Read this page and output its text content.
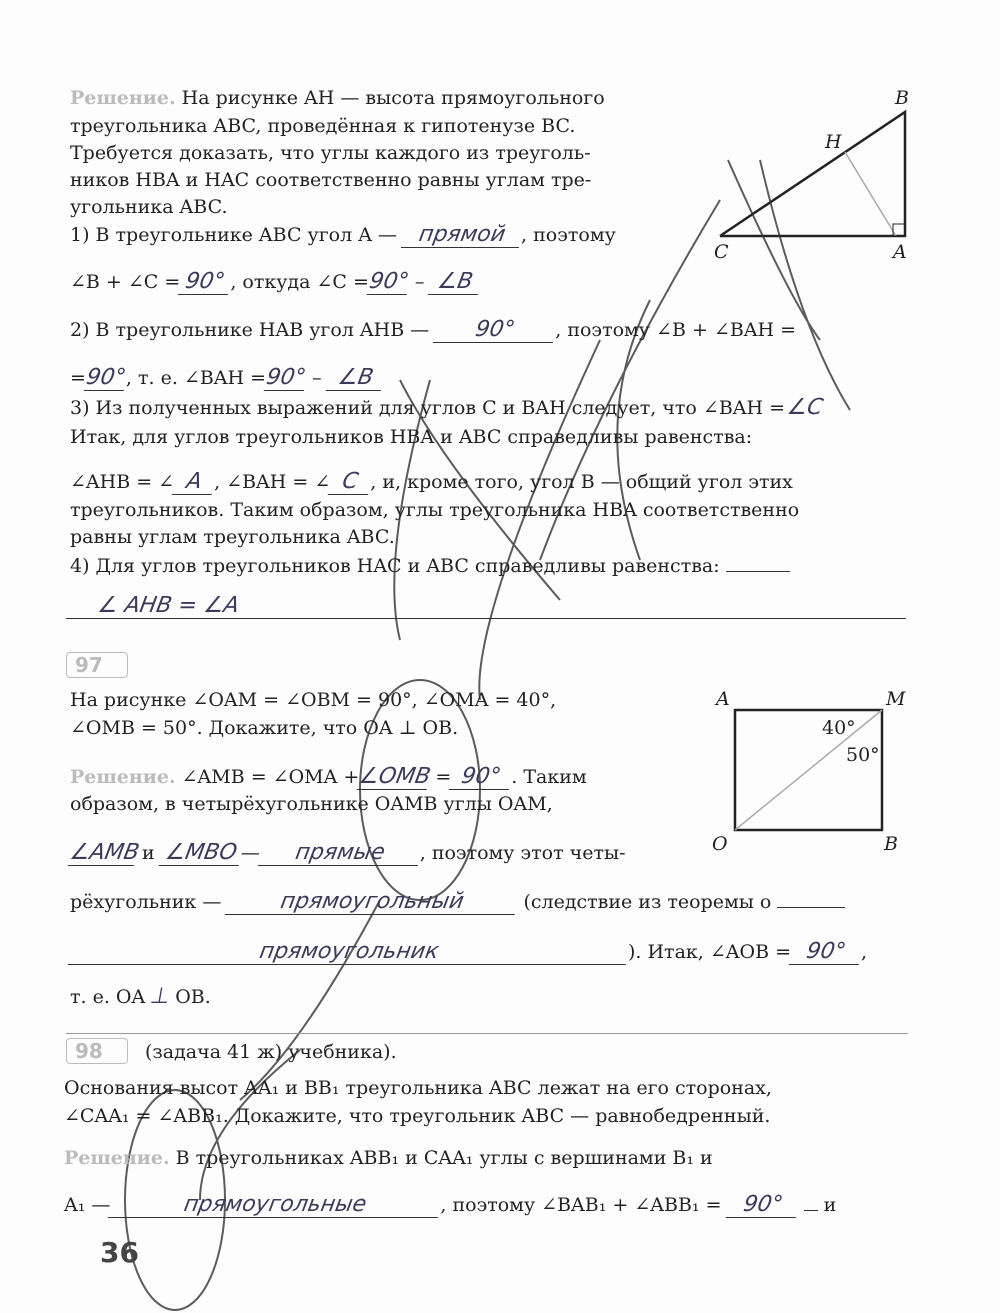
B
H
C	A
A	M
O	B
40°
50°
Решение. На рисунке AH — высота прямоугольного
треугольника ABC, проведённая к гипотенузе BC.
Требуется доказать, что углы каждого из треуголь-
ников HBA и HAC соответственно равны углам тре-
угольника ABC.
1) В треугольнике ABC угол A — прямой , поэтому
∠B + ∠C = 90° , откуда ∠C =90° – ∠B
2) В треугольнике HAB угол AHB — 90° , поэтому ∠B + ∠BAH =
=90°, т. е. ∠BAH =90° – ∠B
3) Из полученных выражений для углов C и BAH следует, что ∠BAH =∠C
Итак, для углов треугольников HBA и ABC справедливы равенства:
∠AHB = ∠ A , ∠BAH = ∠ C , и, кроме того, угол B — общий угол этих
треугольников. Таким образом, углы треугольника HBA соответственно
равны углам треугольника ABC.
4) Для углов треугольников HAC и ABC справедливы равенства:
∠ AHB = ∠A
97
На рисунке ∠OAM = ∠OBM = 90°, ∠OMA = 40°,
∠OMB = 50°. Докажите, что OA ⊥ OB.
Решение. ∠AMB = ∠OMA +∠OMB = 90° . Таким
образом, в четырёхугольнике OAMB углы OAM,
∠AMB и ∠MBO — прямые , поэтому этот четы-
рёхугольник —	прямоугольный	(следствие из теоремы о
прямоугольник	). Итак, ∠AOB = 90° ,
т. е. OA ⊥ OB.
98	(задача 41 ж) учебника).
Основания высот AA₁ и BB₁ треугольника ABC лежат на его сторонах,
∠CAA₁ = ∠ABB₁. Докажите, что треугольник ABC — равнобедренный.
Решение. В треугольниках ABB₁ и CAA₁ углы с вершинами B₁ и
A₁ —	прямоугольные	, поэтому ∠BAB₁ + ∠ABB₁ = 90°  и
36
